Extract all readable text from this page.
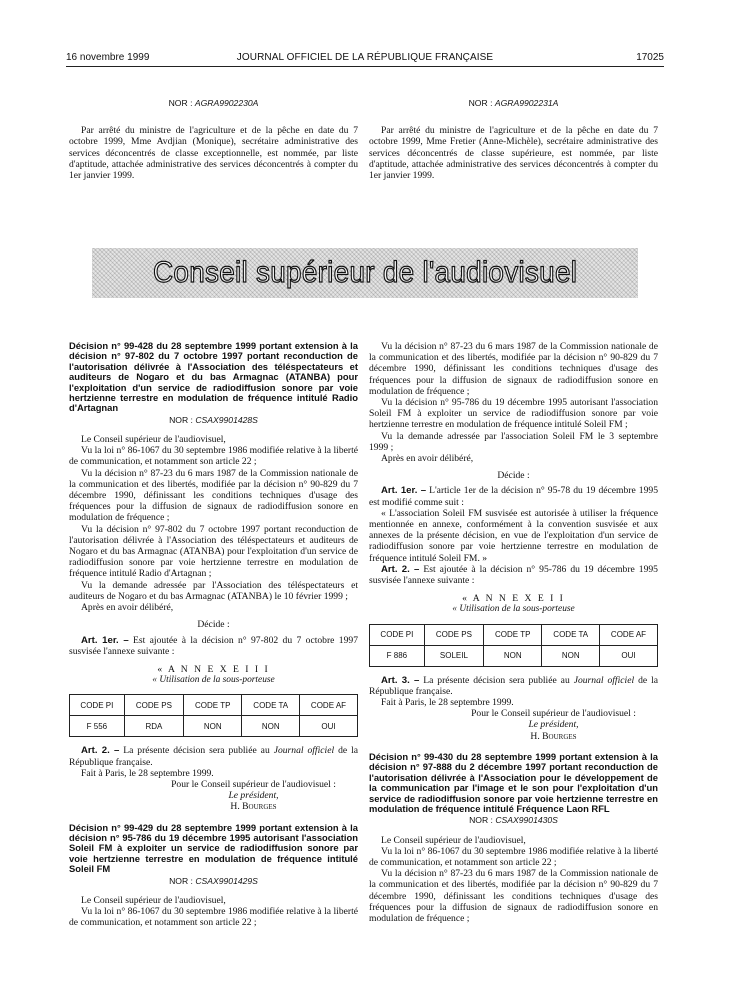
16 novembre 1999	JOURNAL OFFICIEL DE LA RÉPUBLIQUE FRANÇAISE	17025

NOR : AGRA9902230A

Par arrêté du ministre de l'agriculture et de la pêche en date du 7 octobre 1999, Mme Avdjian (Monique), secrétaire administrative des services déconcentrés de classe exceptionnelle, est nommée, par liste d'aptitude, attachée administrative des services déconcentrés à compter du 1er janvier 1999.

NOR : AGRA9902231A

Par arrêté du ministre de l'agriculture et de la pêche en date du 7 octobre 1999, Mme Fretier (Anne-Michèle), secrétaire administrative des services déconcentrés de classe supérieure, est nommée, par liste d'aptitude, attachée administrative des services déconcentrés à compter du 1er janvier 1999.

Conseil supérieur de l'audiovisuel

Décision n° 99-428 du 28 septembre 1999 portant extension à la décision n° 97-802 du 7 octobre 1997 portant reconduction de l'autorisation délivrée à l'Association des téléspectateurs et auditeurs de Nogaro et du bas Armagnac (ATANBA) pour l'exploitation d'un service de radiodiffusion sonore par voie hertzienne terrestre en modulation de fréquence intitulé Radio d'Artagnan

NOR : CSAX9901428S

Le Conseil supérieur de l'audiovisuel,

Vu la loi n° 86-1067 du 30 septembre 1986 modifiée relative à la liberté de communication, et notamment son article 22 ;

Vu la décision n° 87-23 du 6 mars 1987 de la Commission nationale de la communication et des libertés, modifiée par la décision n° 90-829 du 7 décembre 1990, définissant les conditions techniques d'usage des fréquences pour la diffusion de signaux de radiodiffusion sonore en modulation de fréquence ;

Vu la décision n° 97-802 du 7 octobre 1997 portant reconduction de l'autorisation délivrée à l'Association des téléspectateurs et auditeurs de Nogaro et du bas Armagnac (ATANBA) pour l'exploitation d'un service de radiodiffusion sonore par voie hertzienne terrestre en modulation de fréquence intitulé Radio d'Artagnan ;

Vu la demande adressée par l'Association des téléspectateurs et auditeurs de Nogaro et du bas Armagnac (ATANBA) le 10 février 1999 ;

Après en avoir délibéré,

Décide :

Art. 1er. – Est ajoutée à la décision n° 97-802 du 7 octobre 1997 susvisée l'annexe suivante :

« A N N E X E I I I

« Utilisation de la sous-porteuse

CODE PI	CODE PS	CODE TP	CODE TA	CODE AF
F 556	RDA	NON	NON	OUI

Art. 2. – La présente décision sera publiée au Journal officiel de la République française.

Fait à Paris, le 28 septembre 1999.

Pour le Conseil supérieur de l'audiovisuel :
Le président,
H. Bourges

Décision n° 99-429 du 28 septembre 1999 portant extension à la décision n° 95-786 du 19 décembre 1995 autorisant l'association Soleil FM à exploiter un service de radiodiffusion sonore par voie hertzienne terrestre en modulation de fréquence intitulé Soleil FM

NOR : CSAX9901429S

Le Conseil supérieur de l'audiovisuel,

Vu la loi n° 86-1067 du 30 septembre 1986 modifiée relative à la liberté de communication, et notamment son article 22 ;

Vu la décision n° 87-23 du 6 mars 1987 de la Commission nationale de la communication et des libertés, modifiée par la décision n° 90-829 du 7 décembre 1990, définissant les conditions techniques d'usage des fréquences pour la diffusion de signaux de radiodiffusion sonore en modulation de fréquence ;

Vu la décision n° 95-786 du 19 décembre 1995 autorisant l'association Soleil FM à exploiter un service de radiodiffusion sonore par voie hertzienne terrestre en modulation de fréquence intitulé Soleil FM ;

Vu la demande adressée par l'association Soleil FM le 3 septembre 1999 ;

Après en avoir délibéré,

Décide :

Art. 1er. – L'article 1er de la décision n° 95-78 du 19 décembre 1995 est modifié comme suit :

« L'association Soleil FM susvisée est autorisée à utiliser la fréquence mentionnée en annexe, conformément à la convention susvisée et aux annexes de la présente décision, en vue de l'exploitation d'un service de radiodiffusion sonore par voie hertzienne terrestre en modulation de fréquence intitulé Soleil FM. »

Art. 2. – Est ajoutée à la décision n° 95-786 du 19 décembre 1995 susvisée l'annexe suivante :

« A N N E X E I I

« Utilisation de la sous-porteuse

CODE PI	CODE PS	CODE TP	CODE TA	CODE AF
F 886	SOLEIL	NON	NON	OUI

Art. 3. – La présente décision sera publiée au Journal officiel de la République française.

Fait à Paris, le 28 septembre 1999.

Pour le Conseil supérieur de l'audiovisuel :
Le président,
H. Bourges

Décision n° 99-430 du 28 septembre 1999 portant extension à la décision n° 97-888 du 2 décembre 1997 portant reconduction de l'autorisation délivrée à l'Association pour le développement de la communication par l'image et le son pour l'exploitation d'un service de radiodiffusion sonore par voie hertzienne terrestre en modulation de fréquence intitulé Fréquence Laon RFL

NOR : CSAX9901430S

Le Conseil supérieur de l'audiovisuel,

Vu la loi n° 86-1067 du 30 septembre 1986 modifiée relative à la liberté de communication, et notamment son article 22 ;

Vu la décision n° 87-23 du 6 mars 1987 de la Commission nationale de la communication et des libertés, modifiée par la décision n° 90-829 du 7 décembre 1990, définissant les conditions techniques d'usage des fréquences pour la diffusion de signaux de radiodiffusion sonore en modulation de fréquence ;
